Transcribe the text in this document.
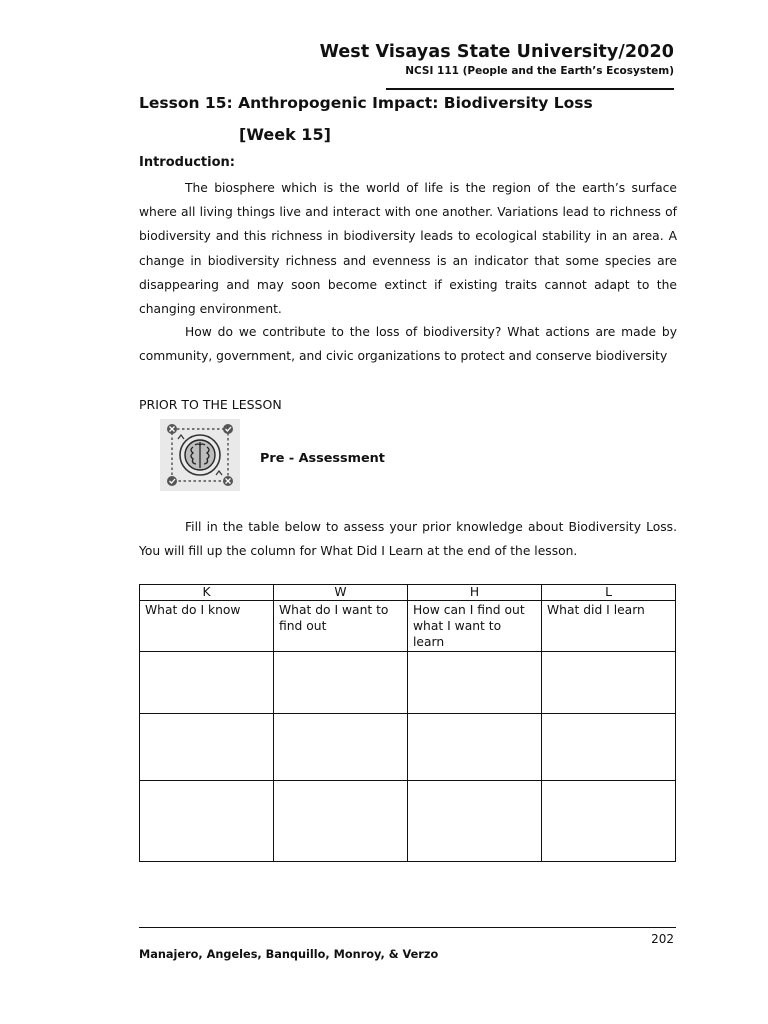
West Visayas State University/2020
NCSI 111 (People and the Earth’s Ecosystem)
Lesson 15: Anthropogenic Impact: Biodiversity Loss
[Week 15]
Introduction:

The biosphere which is the world of life is the region of the earth’s surface where all living things live and interact with one another. Variations lead to richness of biodiversity and this richness in biodiversity leads to ecological stability in an area. A change in biodiversity richness and evenness is an indicator that some species are disappearing and may soon become extinct if existing traits cannot adapt to the changing environment.

How do we contribute to the loss of biodiversity? What actions are made by community, government, and civic organizations to protect and conserve biodiversity

PRIOR TO THE LESSON
Pre - Assessment

Fill in the table below to assess your prior knowledge about Biodiversity Loss. You will fill up the column for What Did I Learn at the end of the lesson.

K	W	H	L
What do I know	What do I want to find out	How can I find out what I want to learn	What did I learn

202
Manajero, Angeles, Banquillo, Monroy, & Verzo
